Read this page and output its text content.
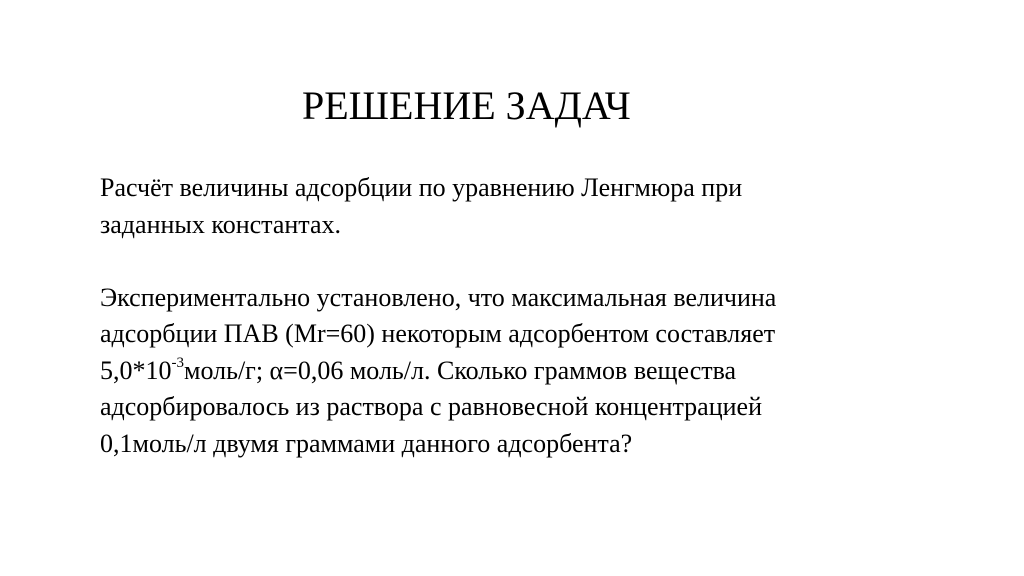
РЕШЕНИЕ ЗАДАЧ

Расчёт величины адсорбции по уравнению Ленгмюра при
заданных константах.

Экспериментально установлено, что максимальная величина
адсорбции ПАВ (Mr=60) некоторым адсорбентом составляет
$5,0*10^{-3}моль/г$; α=0,06 моль/л. Сколько граммов вещества
адсорбировалось из раствора с равновесной концентрацией
0,1моль/л двумя граммами данного адсорбента?
